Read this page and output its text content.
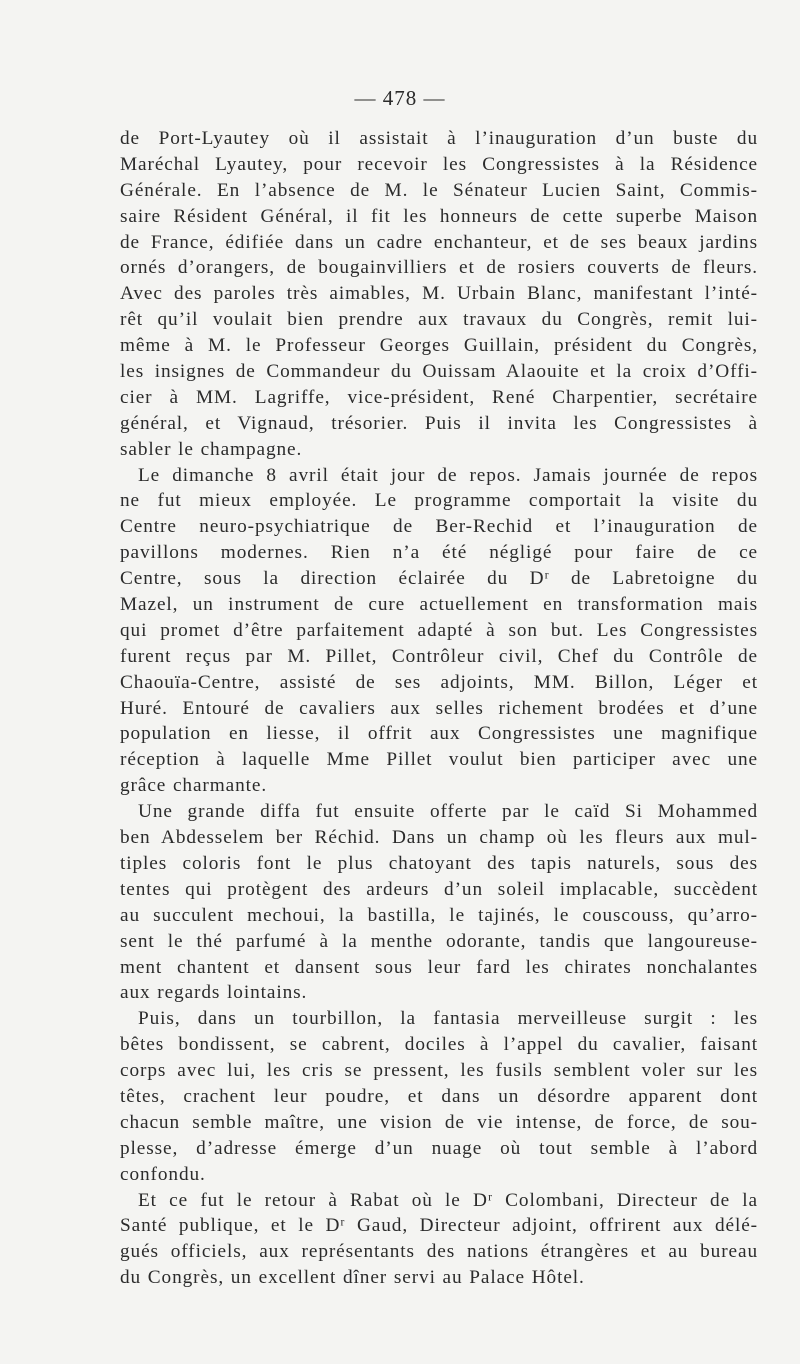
— 478 —
de Port-Lyautey où il assistait à l’inauguration d’un buste du
Maréchal Lyautey, pour recevoir les Congressistes à la Résidence
Générale. En l’absence de M. le Sénateur Lucien Saint, Commis-
saire Résident Général, il fit les honneurs de cette superbe Maison
de France, édifiée dans un cadre enchanteur, et de ses beaux jardins
ornés d’orangers, de bougainvilliers et de rosiers couverts de fleurs.
Avec des paroles très aimables, M. Urbain Blanc, manifestant l’inté-
rêt qu’il voulait bien prendre aux travaux du Congrès, remit lui-
même à M. le Professeur Georges Guillain, président du Congrès,
les insignes de Commandeur du Ouissam Alaouite et la croix d’Offi-
cier à MM. Lagriffe, vice-président, René Charpentier, secrétaire
général, et Vignaud, trésorier. Puis il invita les Congressistes à
sabler le champagne.
Le dimanche 8 avril était jour de repos. Jamais journée de repos
ne fut mieux employée. Le programme comportait la visite du
Centre neuro-psychiatrique de Ber-Rechid et l’inauguration de
pavillons modernes. Rien n’a été négligé pour faire de ce
Centre, sous la direction éclairée du Dʳ de Labretoigne du
Mazel, un instrument de cure actuellement en transformation mais
qui promet d’être parfaitement adapté à son but. Les Congressistes
furent reçus par M. Pillet, Contrôleur civil, Chef du Contrôle de
Chaouïa-Centre, assisté de ses adjoints, MM. Billon, Léger et
Huré. Entouré de cavaliers aux selles richement brodées et d’une
population en liesse, il offrit aux Congressistes une magnifique
réception à laquelle Mme Pillet voulut bien participer avec une
grâce charmante.
Une grande diffa fut ensuite offerte par le caïd Si Mohammed
ben Abdesselem ber Réchid. Dans un champ où les fleurs aux mul-
tiples coloris font le plus chatoyant des tapis naturels, sous des
tentes qui protègent des ardeurs d’un soleil implacable, succèdent
au succulent mechoui, la bastilla, le tajinés, le couscouss, qu’arro-
sent le thé parfumé à la menthe odorante, tandis que langoureuse-
ment chantent et dansent sous leur fard les chirates nonchalantes
aux regards lointains.
Puis, dans un tourbillon, la fantasia merveilleuse surgit : les
bêtes bondissent, se cabrent, dociles à l’appel du cavalier, faisant
corps avec lui, les cris se pressent, les fusils semblent voler sur les
têtes, crachent leur poudre, et dans un désordre apparent dont
chacun semble maître, une vision de vie intense, de force, de sou-
plesse, d’adresse émerge d’un nuage où tout semble à l’abord
confondu.
Et ce fut le retour à Rabat où le Dʳ Colombani, Directeur de la
Santé publique, et le Dʳ Gaud, Directeur adjoint, offrirent aux délé-
gués officiels, aux représentants des nations étrangères et au bureau
du Congrès, un excellent dîner servi au Palace Hôtel.
